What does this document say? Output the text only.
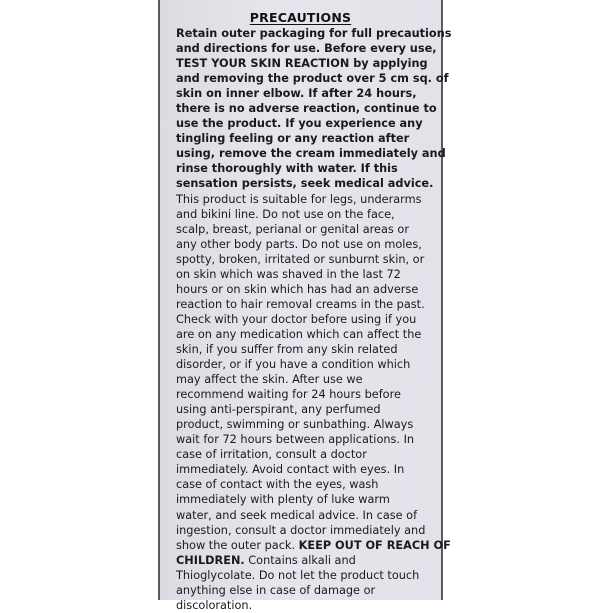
PRECAUTIONS
Retain outer packaging for full precautions
and directions for use. Before every use,
TEST YOUR SKIN REACTION by applying
and removing the product over 5 cm sq. of
skin on inner elbow. If after 24 hours,
there is no adverse reaction, continue to
use the product. If you experience any
tingling feeling or any reaction after
using, remove the cream immediately and
rinse thoroughly with water. If this
sensation persists, seek medical advice.
This product is suitable for legs, underarms
and bikini line. Do not use on the face,
scalp, breast, perianal or genital areas or
any other body parts. Do not use on moles,
spotty, broken, irritated or sunburnt skin, or
on skin which was shaved in the last 72
hours or on skin which has had an adverse
reaction to hair removal creams in the past.
Check with your doctor before using if you
are on any medication which can affect the
skin, if you suffer from any skin related
disorder, or if you have a condition which
may affect the skin. After use we
recommend waiting for 24 hours before
using anti-perspirant, any perfumed
product, swimming or sunbathing. Always
wait for 72 hours between applications. In
case of irritation, consult a doctor
immediately. Avoid contact with eyes. In
case of contact with the eyes, wash
immediately with plenty of luke warm
water, and seek medical advice. In case of
ingestion, consult a doctor immediately and
show the outer pack. KEEP OUT OF REACH OF
CHILDREN. Contains alkali and
Thioglycolate. Do not let the product touch
anything else in case of damage or
discoloration.
